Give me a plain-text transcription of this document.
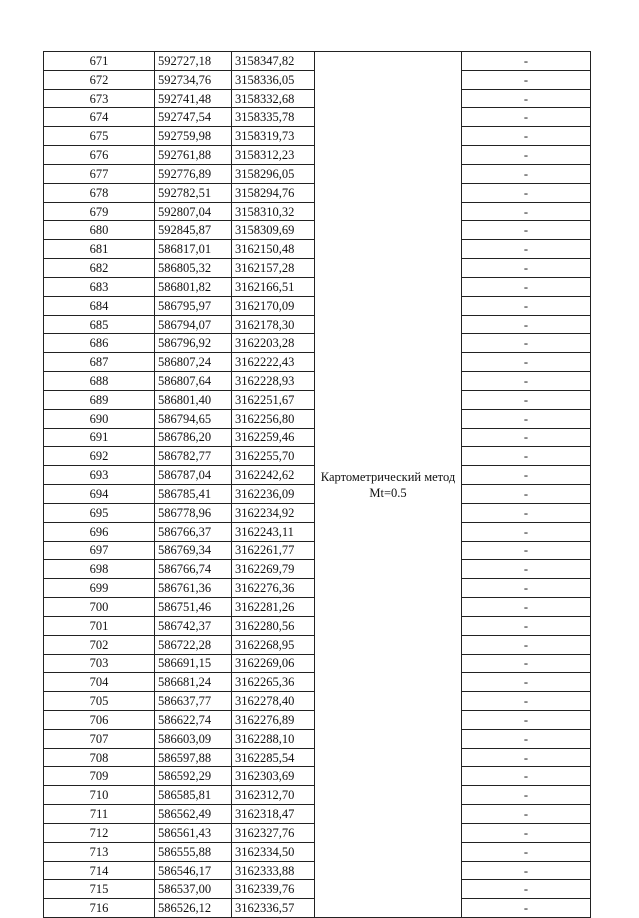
671	592727,18	3158347,82	Картометрический метод Mt=0.5	-
672	592734,76	3158336,05		-
673	592741,48	3158332,68		-
674	592747,54	3158335,78		-
675	592759,98	3158319,73		-
676	592761,88	3158312,23		-
677	592776,89	3158296,05		-
678	592782,51	3158294,76		-
679	592807,04	3158310,32		-
680	592845,87	3158309,69		-
681	586817,01	3162150,48		-
682	586805,32	3162157,28		-
683	586801,82	3162166,51		-
684	586795,97	3162170,09		-
685	586794,07	3162178,30		-
686	586796,92	3162203,28		-
687	586807,24	3162222,43		-
688	586807,64	3162228,93		-
689	586801,40	3162251,67		-
690	586794,65	3162256,80		-
691	586786,20	3162259,46		-
692	586782,77	3162255,70		-
693	586787,04	3162242,62		-
694	586785,41	3162236,09		-
695	586778,96	3162234,92		-
696	586766,37	3162243,11		-
697	586769,34	3162261,77		-
698	586766,74	3162269,79		-
699	586761,36	3162276,36		-
700	586751,46	3162281,26		-
701	586742,37	3162280,56		-
702	586722,28	3162268,95		-
703	586691,15	3162269,06		-
704	586681,24	3162265,36		-
705	586637,77	3162278,40		-
706	586622,74	3162276,89		-
707	586603,09	3162288,10		-
708	586597,88	3162285,54		-
709	586592,29	3162303,69		-
710	586585,81	3162312,70		-
711	586562,49	3162318,47		-
712	586561,43	3162327,76		-
713	586555,88	3162334,50		-
714	586546,17	3162333,88		-
715	586537,00	3162339,76		-
716	586526,12	3162336,57		-
